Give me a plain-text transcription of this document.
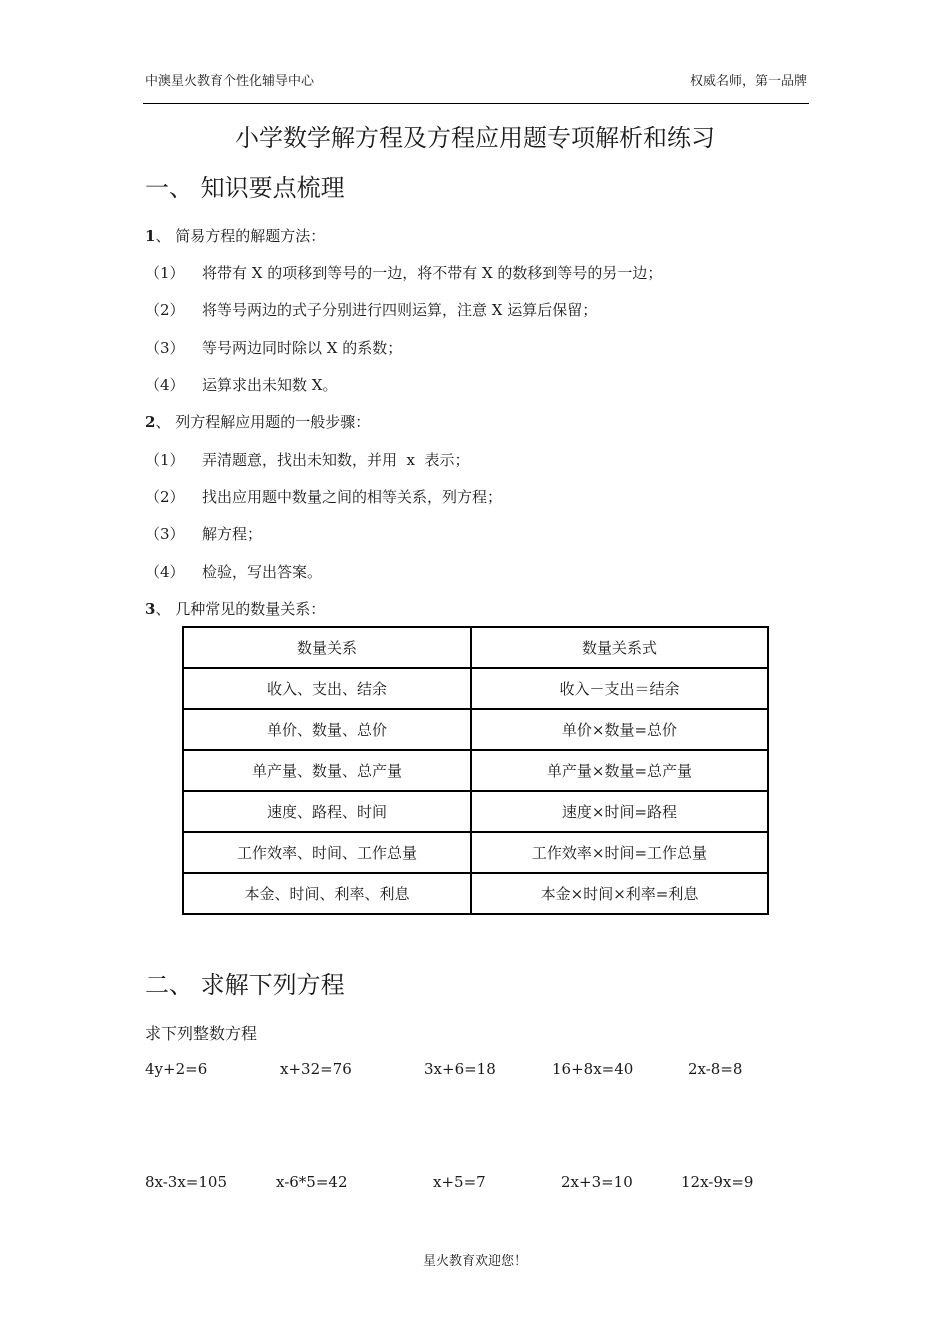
中澳星火教育个性化辅导中心	权威名师，第一品牌
小学数学解方程及方程应用题专项解析和练习
一、 知识要点梳理
1、 简易方程的解题方法：
（1） 将带有 X 的项移到等号的一边，将不带有 X 的数移到等号的另一边；
（2） 将等号两边的式子分别进行四则运算，注意 X 运算后保留；
（3） 等号两边同时除以 X 的系数；
（4） 运算求出未知数 X。
2、 列方程解应用题的一般步骤：
（1） 弄清题意，找出未知数，并用  x  表示；
（2） 找出应用题中数量之间的相等关系，列方程；
（3） 解方程；
（4） 检验，写出答案。
3、 几种常见的数量关系：
数量关系	数量关系式
收入、支出、结余	收入－支出＝结余
单价、数量、总价	单价×数量=总价
单产量、数量、总产量	单产量×数量=总产量
速度、路程、时间	速度×时间=路程
工作效率、时间、工作总量	工作效率×时间=工作总量
本金、时间、利率、利息	本金×时间×利率=利息
二、 求解下列方程
求下列整数方程
4y+2=6	x+32=76	3x+6=18	16+8x=40	2x-8=8
8x-3x=105	x-6*5=42	x+5=7	2x+3=10	12x-9x=9
星火教育欢迎您！
